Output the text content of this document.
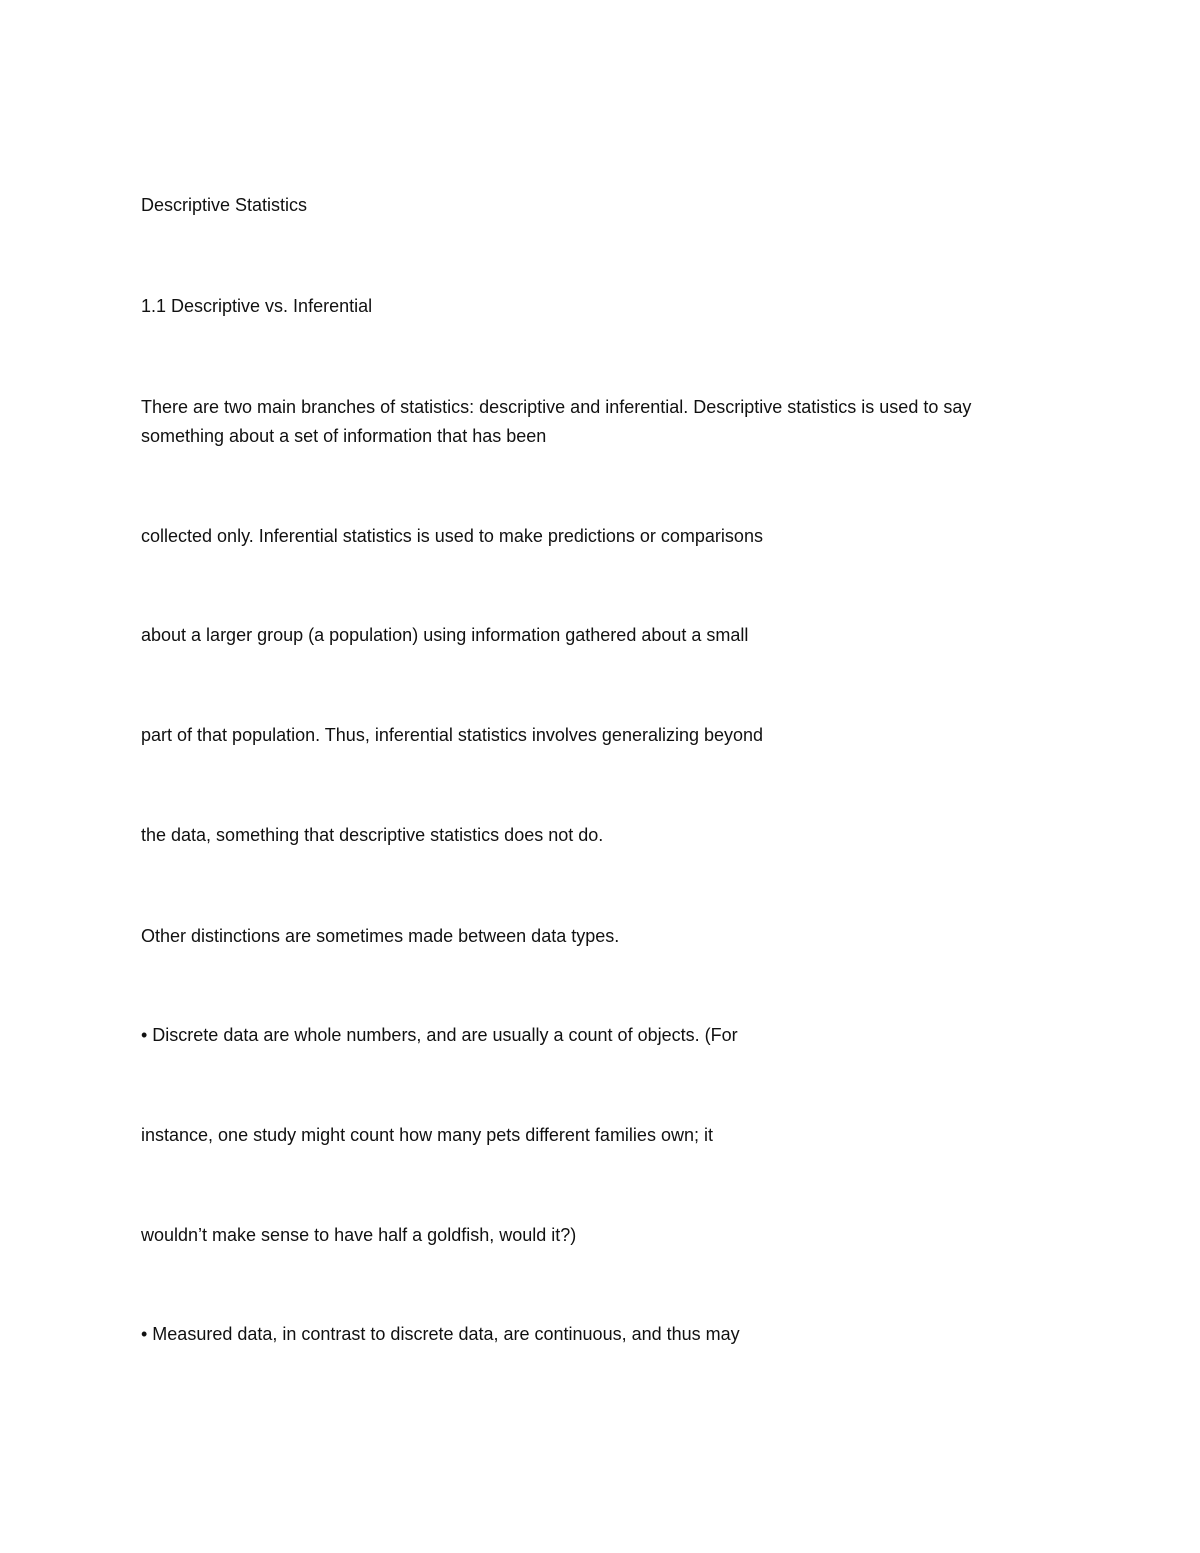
Descriptive Statistics
1.1 Descriptive vs. Inferential
There are two main branches of statistics: descriptive and inferential. Descriptive statistics is used to say
something about a set of information that has been
collected only. Inferential statistics is used to make predictions or comparisons
about a larger group (a population) using information gathered about a small
part of that population. Thus, inferential statistics involves generalizing beyond
the data, something that descriptive statistics does not do.
Other distinctions are sometimes made between data types.
• Discrete data are whole numbers, and are usually a count of objects. (For
instance, one study might count how many pets different families own; it
wouldn’t make sense to have half a goldfish, would it?)
• Measured data, in contrast to discrete data, are continuous, and thus may
